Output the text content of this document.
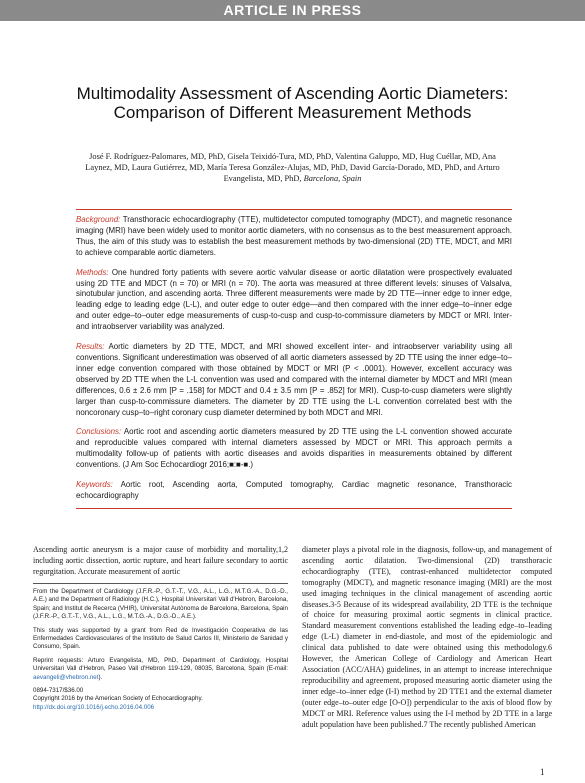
ARTICLE IN PRESS
Multimodality Assessment of Ascending Aortic Diameters: Comparison of Different Measurement Methods
José F. Rodríguez-Palomares, MD, PhD, Gisela Teixidó-Tura, MD, PhD, Valentina Galuppo, MD, Hug Cuéllar, MD, Ana Laynez, MD, Laura Gutiérrez, MD, María Teresa González-Alujas, MD, PhD, David García-Dorado, MD, PhD, and Arturo Evangelista, MD, PhD, Barcelona, Spain

Background: Transthoracic echocardiography (TTE), multidetector computed tomography (MDCT), and magnetic resonance imaging (MRI) have been widely used to monitor aortic diameters, with no consensus as to the best measurement approach. Thus, the aim of this study was to establish the best measurement methods by two-dimensional (2D) TTE, MDCT, and MRI to achieve comparable aortic diameters.

Methods: One hundred forty patients with severe aortic valvular disease or aortic dilatation were prospectively evaluated using 2D TTE and MDCT (n = 70) or MRI (n = 70). The aorta was measured at three different levels: sinuses of Valsalva, sinotubular junction, and ascending aorta. Three different measurements were made by 2D TTE—inner edge to inner edge, leading edge to leading edge (L-L), and outer edge to outer edge—and then compared with the inner edge–to–inner edge and outer edge–to–outer edge measurements of cusp-to-cusp and cusp-to-commissure diameters by MDCT or MRI. Inter- and intraobserver variability was analyzed.

Results: Aortic diameters by 2D TTE, MDCT, and MRI showed excellent inter- and intraobserver variability using all conventions. Significant underestimation was observed of all aortic diameters assessed by 2D TTE using the inner edge–to–inner edge convention compared with those obtained by MDCT or MRI (P < .0001). However, excellent accuracy was observed by 2D TTE when the L-L convention was used and compared with the internal diameter by MDCT and MRI (mean differences, 0.6 ± 2.6 mm [P = .158] for MDCT and 0.4 ± 3.5 mm [P = .852] for MRI). Cusp-to-cusp diameters were slightly larger than cusp-to-commissure diameters. The diameter by 2D TTE using the L-L convention correlated best with the noncoronary cusp–to–right coronary cusp diameter determined by both MDCT and MRI.

Conclusions: Aortic root and ascending aortic diameters measured by 2D TTE using the L-L convention showed accurate and reproducible values compared with internal diameters assessed by MDCT or MRI. This approach permits a multimodality follow-up of patients with aortic diseases and avoids disparities in measurements obtained by different conventions. (J Am Soc Echocardiogr 2016;■:■-■.)

Keywords: Aortic root, Ascending aorta, Computed tomography, Cardiac magnetic resonance, Transthoracic echocardiography

Ascending aortic aneurysm is a major cause of morbidity and mortality,1,2 including aortic dissection, aortic rupture, and heart failure secondary to aortic regurgitation. Accurate measurement of aortic

From the Department of Cardiology (J.F.R.-P., G.T.-T., V.G., A.L., L.G., M.T.G.-A., D.G.-D., A.E.) and the Department of Radiology (H.C.), Hospital Universitari Vall d'Hebron, Barcelona, Spain; and Institut de Recerca (VHIR), Universitat Autònoma de Barcelona, Barcelona, Spain (J.F.R.-P., G.T.-T., V.G., A.L., L.G., M.T.G.-A., D.G.-D., A.E.).

This study was supported by a grant from Red de Investigación Cooperativa de las Enfermedades Cardiovasculares of the Instituto de Salud Carlos III, Ministerio de Sanidad y Consumo, Spain.

Reprint requests: Arturo Evangelista, MD, PhD, Department of Cardiology, Hospital Universitari Vall d'Hebron, Paseo Vall d'Hebron 119-129, 08035, Barcelona, Spain (E-mail: aevangeli@vhebron.net).

0894-7317/$36.00

Copyright 2016 by the American Society of Echocardiography.

http://dx.doi.org/10.1016/j.echo.2016.04.006

diameter plays a pivotal role in the diagnosis, follow-up, and management of ascending aortic dilatation. Two-dimensional (2D) transthoracic echocardiography (TTE), contrast-enhanced multidetector computed tomography (MDCT), and magnetic resonance imaging (MRI) are the most used imaging techniques in the clinical management of ascending aortic diseases.3-5 Because of its widespread availability, 2D TTE is the technique of choice for measuring proximal aortic segments in clinical practice. Standard measurement conventions established the leading edge–to–leading edge (L-L) diameter in end-diastole, and most of the epidemiologic and clinical data published to date were obtained using this methodology.6 However, the American College of Cardiology and American Heart Association (ACC/AHA) guidelines, in an attempt to increase interechnique reproducibility and agreement, proposed measuring aortic diameter using the inner edge–to–inner edge (I-I) method by 2D TTE1 and the external diameter (outer edge–to–outer edge [O-O]) perpendicular to the axis of blood flow by MDCT or MRI. Reference values using the I-I method by 2D TTE in a large adult population have been published.7 The recently published American

1
